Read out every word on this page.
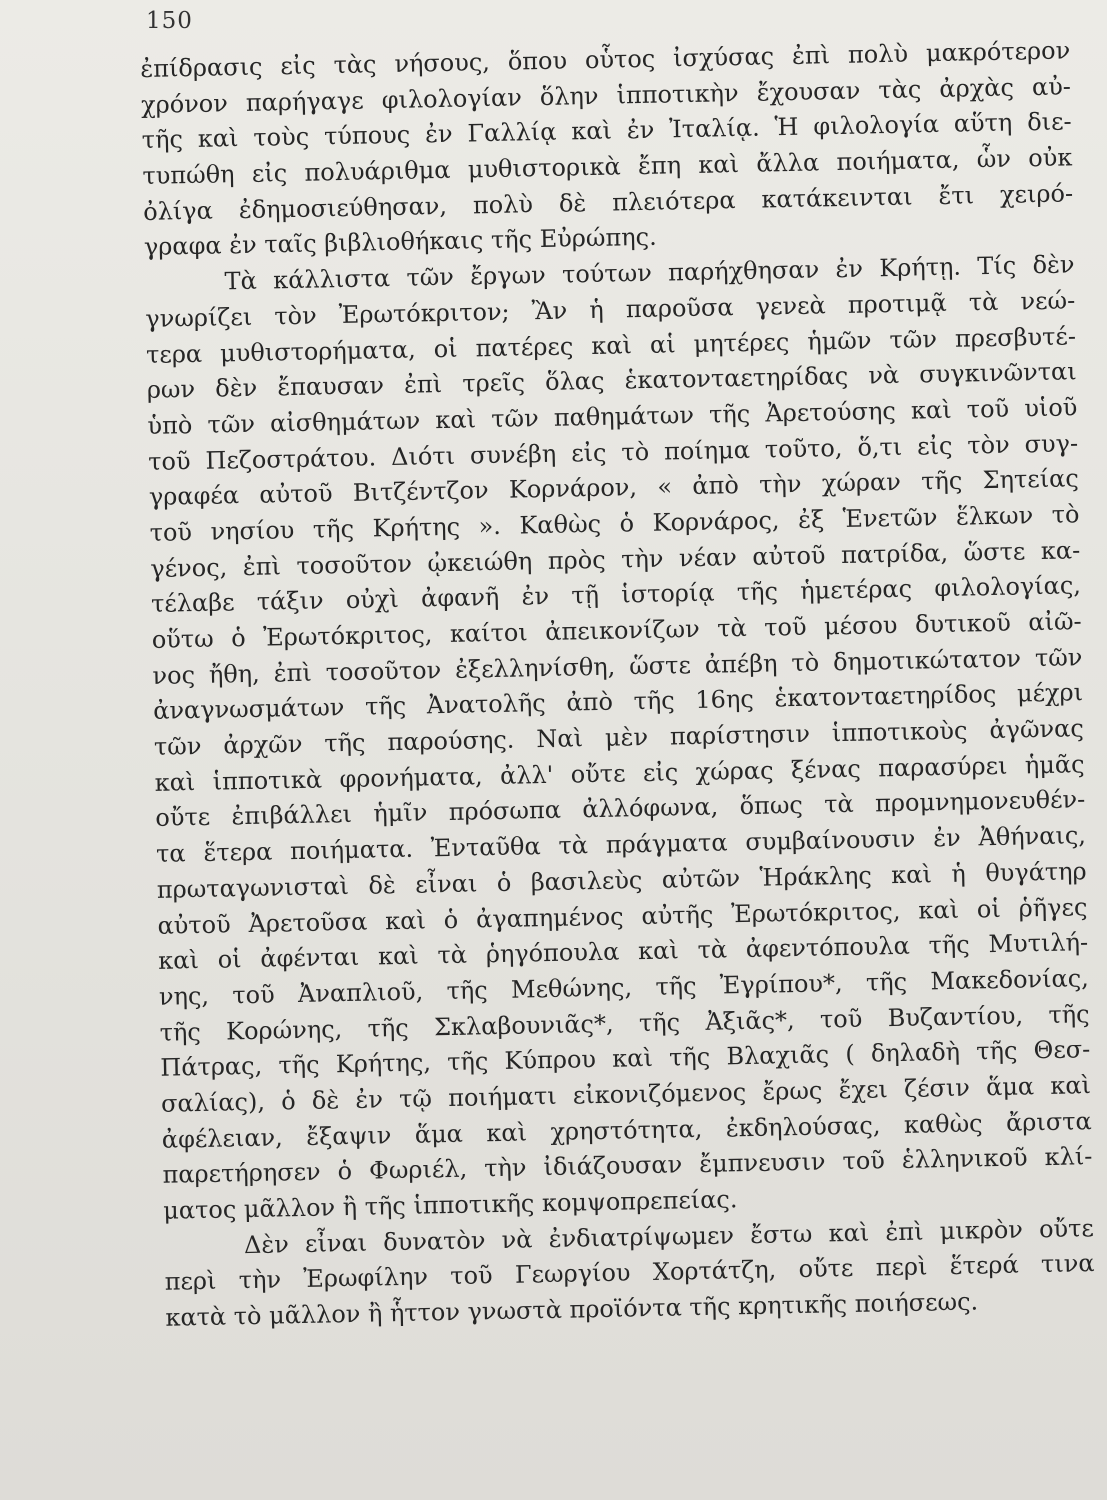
150
ἐπίδρασις εἰς τὰς νήσους, ὅπου οὗτος ἰσχύσας ἐπὶ πολὺ μακρότερον
χρόνον παρήγαγε φιλολογίαν ὅλην ἱπποτικὴν ἔχουσαν τὰς ἀρχὰς αὐ-
τῆς καὶ τοὺς τύπους ἐν Γαλλίᾳ καὶ ἐν Ἰταλίᾳ. Ἡ φιλολογία αὕτη διε-
τυπώθη εἰς πολυάριθμα μυθιστορικὰ ἔπη καὶ ἄλλα ποιήματα, ὧν οὐκ
ὀλίγα ἐδημοσιεύθησαν, πολὺ δὲ πλειότερα κατάκεινται ἔτι χειρό-
γραφα ἐν ταῖς βιβλιοθήκαις τῆς Εὐρώπης.
Τὰ κάλλιστα τῶν ἔργων τούτων παρήχθησαν ἐν Κρήτῃ. Τίς δὲν
γνωρίζει τὸν Ἐρωτόκριτον; Ἂν ἡ παροῦσα γενεὰ προτιμᾷ τὰ νεώ-
τερα μυθιστορήματα, οἱ πατέρες καὶ αἱ μητέρες ἡμῶν τῶν πρεσβυτέ-
ρων δὲν ἔπαυσαν ἐπὶ τρεῖς ὅλας ἑκατονταετηρίδας νὰ συγκινῶνται
ὑπὸ τῶν αἰσθημάτων καὶ τῶν παθημάτων τῆς Ἀρετούσης καὶ τοῦ υἱοῦ
τοῦ Πεζοστράτου. Διότι συνέβη εἰς τὸ ποίημα τοῦτο, ὅ,τι εἰς τὸν συγ-
γραφέα αὐτοῦ Βιτζέντζον Κορνάρον, « ἀπὸ τὴν χώραν τῆς Σητείας
τοῦ νησίου τῆς Κρήτης ». Καθὼς ὁ Κορνάρος, ἐξ Ἑνετῶν ἕλκων τὸ
γένος, ἐπὶ τοσοῦτον ᾠκειώθη πρὸς τὴν νέαν αὐτοῦ πατρίδα, ὥστε κα-
τέλαβε τάξιν οὐχὶ ἀφανῆ ἐν τῇ ἱστορίᾳ τῆς ἡμετέρας φιλολογίας,
οὕτω ὁ Ἐρωτόκριτος, καίτοι ἀπεικονίζων τὰ τοῦ μέσου δυτικοῦ αἰῶ-
νος ἤθη, ἐπὶ τοσοῦτον ἐξελληνίσθη, ὥστε ἀπέβη τὸ δημοτικώτατον τῶν
ἀναγνωσμάτων τῆς Ἀνατολῆς ἀπὸ τῆς 16ης ἑκατονταετηρίδος μέχρι
τῶν ἀρχῶν τῆς παρούσης. Ναὶ μὲν παρίστησιν ἱπποτικοὺς ἀγῶνας
καὶ ἱπποτικὰ φρονήματα, ἀλλ' οὔτε εἰς χώρας ξένας παρασύρει ἡμᾶς
οὔτε ἐπιβάλλει ἡμῖν πρόσωπα ἀλλόφωνα, ὅπως τὰ προμνημονευθέν-
τα ἕτερα ποιήματα. Ἐνταῦθα τὰ πράγματα συμβαίνουσιν ἐν Ἀθήναις,
πρωταγωνισταὶ δὲ εἶναι ὁ βασιλεὺς αὐτῶν Ἡράκλης καὶ ἡ θυγάτηρ
αὐτοῦ Ἀρετοῦσα καὶ ὁ ἀγαπημένος αὐτῆς Ἐρωτόκριτος, καὶ οἱ ῥῆγες
καὶ οἱ ἀφένται καὶ τὰ ῥηγόπουλα καὶ τὰ ἀφεντόπουλα τῆς Μυτιλή-
νης, τοῦ Ἀναπλιοῦ, τῆς Μεθώνης, τῆς Ἐγρίπου*, τῆς Μακεδονίας,
τῆς Κορώνης, τῆς Σκλαβουνιᾶς*, τῆς Ἀξιᾶς*, τοῦ Βυζαντίου, τῆς
Πάτρας, τῆς Κρήτης, τῆς Κύπρου καὶ τῆς Βλαχιᾶς ( δηλαδὴ τῆς Θεσ-
σαλίας), ὁ δὲ ἐν τῷ ποιήματι εἰκονιζόμενος ἔρως ἔχει ζέσιν ἅμα καὶ
ἀφέλειαν, ἔξαψιν ἅμα καὶ χρηστότητα, ἐκδηλούσας, καθὼς ἄριστα
παρετήρησεν ὁ Φωριέλ, τὴν ἰδιάζουσαν ἔμπνευσιν τοῦ ἑλληνικοῦ κλί-
ματος μᾶλλον ἢ τῆς ἱπποτικῆς κομψοπρεπείας.
Δὲν εἶναι δυνατὸν νὰ ἐνδιατρίψωμεν ἔστω καὶ ἐπὶ μικρὸν οὔτε
περὶ τὴν Ἐρωφίλην τοῦ Γεωργίου Χορτάτζη, οὔτε περὶ ἕτερά τινα
κατὰ τὸ μᾶλλον ἢ ἧττον γνωστὰ προϊόντα τῆς κρητικῆς ποιήσεως.
